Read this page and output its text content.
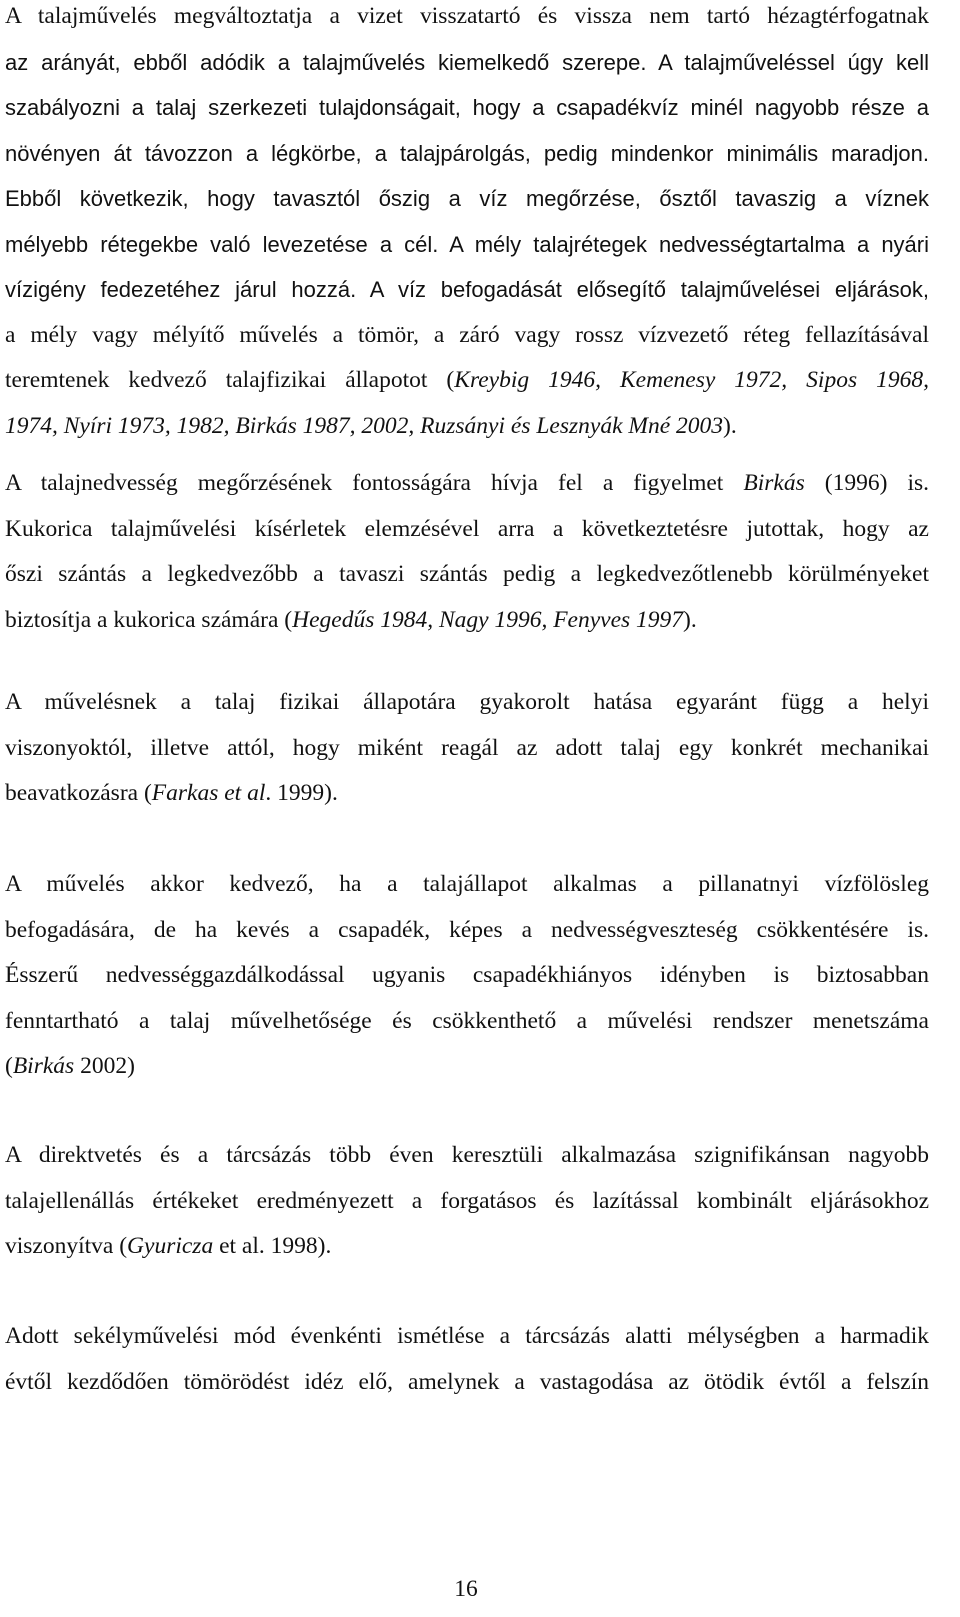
A talajművelés megváltoztatja a vizet visszatartó és vissza nem tartó hézagtérfogatnak
az arányát, ebből adódik a talajművelés kiemelkedő szerepe. A talajműveléssel úgy kell
szabályozni a talaj szerkezeti tulajdonságait, hogy a csapadékvíz minél nagyobb része a
növényen át távozzon a légkörbe, a talajpárolgás, pedig mindenkor minimális maradjon.
Ebből következik, hogy tavasztól őszig a víz megőrzése, ősztől tavaszig a víznek
mélyebb rétegekbe való levezetése a cél. A mély talajrétegek nedvességtartalma a nyári
vízigény fedezetéhez járul hozzá. A víz befogadását elősegítő talajművelései eljárások,
a mély vagy mélyítő művelés a tömör, a záró vagy rossz vízvezető réteg fellazításával
teremtenek kedvező talajfizikai állapotot (Kreybig 1946, Kemenesy 1972, Sipos 1968,
1974, Nyíri 1973, 1982, Birkás 1987, 2002, Ruzsányi és Lesznyák Mné 2003).
A talajnedvesség megőrzésének fontosságára hívja fel a figyelmet Birkás (1996) is.
Kukorica talajművelési kísérletek elemzésével arra a következtetésre jutottak, hogy az
őszi szántás a legkedvezőbb a tavaszi szántás pedig a legkedvezőtlenebb körülményeket
biztosítja a kukorica számára (Hegedűs 1984, Nagy 1996, Fenyves 1997).
A művelésnek a talaj fizikai állapotára gyakorolt hatása egyaránt függ a helyi
viszonyoktól, illetve attól, hogy miként reagál az adott talaj egy konkrét mechanikai
beavatkozásra (Farkas et al. 1999).
A művelés akkor kedvező, ha a talajállapot alkalmas a pillanatnyi vízfölösleg
befogadására, de ha kevés a csapadék, képes a nedvességveszteség csökkentésére is.
Ésszerű nedvességgazdálkodással ugyanis csapadékhiányos idényben is biztosabban
fenntartható a talaj művelhetősége és csökkenthető a művelési rendszer menetszáma
(Birkás 2002)
A direktvetés és a tárcsázás több éven keresztüli alkalmazása szignifikánsan nagyobb
talajellenállás értékeket eredményezett a forgatásos és lazítással kombinált eljárásokhoz
viszonyítva (Gyuricza et al. 1998).
Adott sekélyművelési mód évenkénti ismétlése a tárcsázás alatti mélységben a harmadik
évtől kezdődően tömörödést idéz elő, amelynek a vastagodása az ötödik évtől a felszín
16
